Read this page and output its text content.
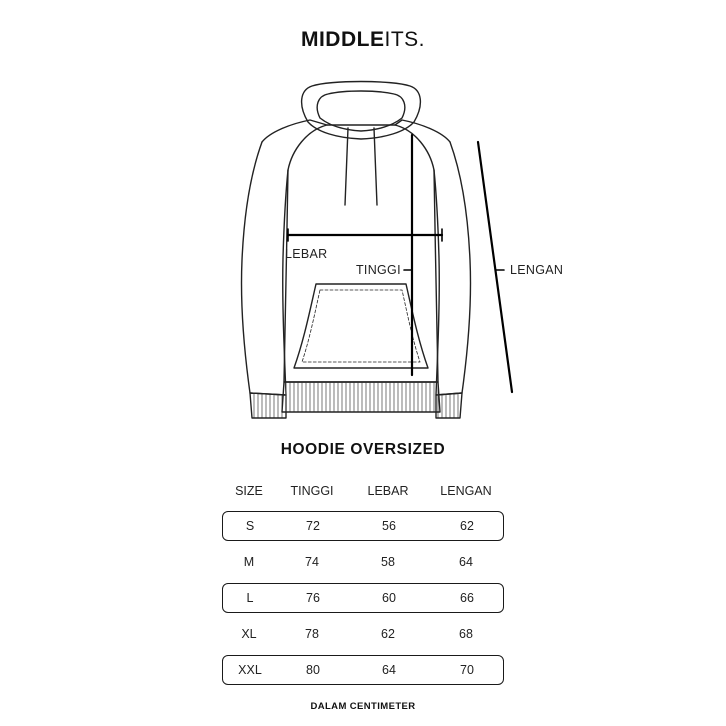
MIDDLEITS.
LEBAR
TINGGI	LENGAN
HOODIE OVERSIZED
SIZE	TINGGI	LEBAR	LENGAN
S	72	56	62
M	74	58	64
L	76	60	66
XL	78	62	68
XXL	80	64	70
DALAM CENTIMETER
